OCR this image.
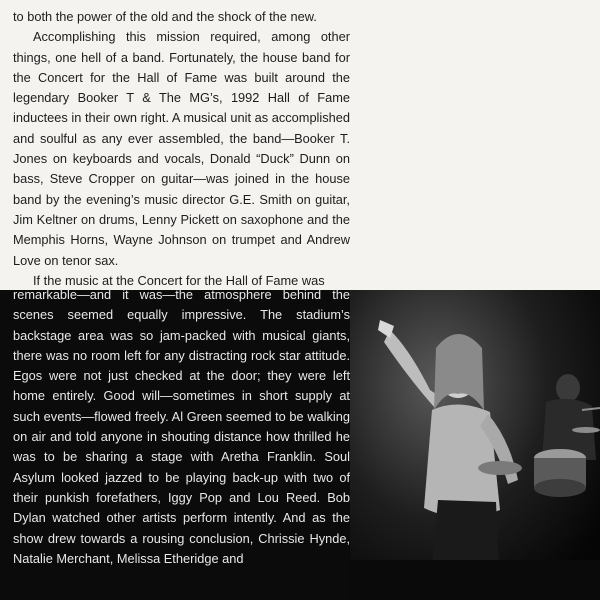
to both the power of the old and the shock of the new.

Accomplishing this mission required, among other things, one hell of a band. Fortunately, the house band for the Concert for the Hall of Fame was built around the legendary Booker T & The MG’s, 1992 Hall of Fame inductees in their own right. A musical unit as accomplished and soulful as any ever assembled, the band—Booker T. Jones on keyboards and vocals, Donald “Duck” Dunn on bass, Steve Cropper on guitar—was joined in the house band by the evening’s music director G.E. Smith on guitar, Jim Keltner on drums, Lenny Pickett on saxophone and the Memphis Horns, Wayne Johnson on trumpet and Andrew Love on tenor sax.

If the music at the Concert for the Hall of Fame was

remarkable—and it was—the atmosphere behind the scenes seemed equally impressive. The stadium’s backstage area was so jam-packed with musical giants, there was no room left for any distracting rock star attitude. Egos were not just checked at the door; they were left home entirely. Good will—sometimes in short supply at such events—flowed freely. Al Green seemed to be walking on air and told anyone in shouting distance how thrilled he was to be sharing a stage with Aretha Franklin. Soul Asylum looked jazzed to be playing back-up with two of their punkish forefathers, Iggy Pop and Lou Reed. Bob Dylan watched other artists perform intently. And as the show drew towards a rousing conclusion, Chrissie Hynde, Natalie Merchant, Melissa Etheridge and
